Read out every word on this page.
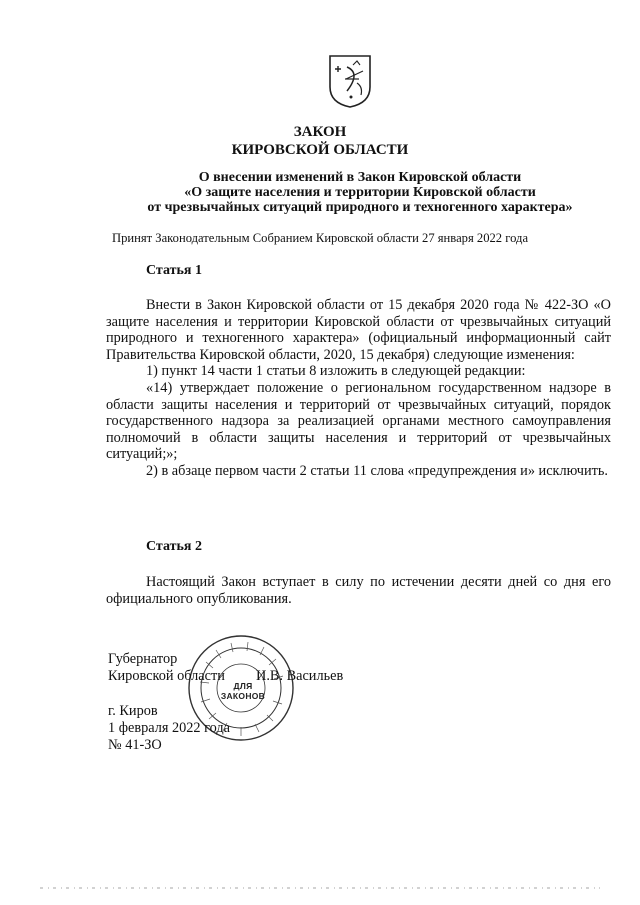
ЗАКОН
КИРОВСКОЙ ОБЛАСТИ
О внесении изменений в Закон Кировской области
«О защите населения и территории Кировской области
от чрезвычайных ситуаций природного и техногенного характера»
Принят Законодательным Собранием Кировской области 27 января 2022 года
Статья 1

Внести в Закон Кировской области от 15 декабря 2020 года № 422-ЗО «О защите населения и территории Кировской области от чрезвычайных ситуаций природного и техногенного характера» (официальный информационный сайт Правительства Кировской области, 2020, 15 декабря) следующие изменения:

1) пункт 14 части 1 статьи 8 изложить в следующей редакции:

«14) утверждает положение о региональном государственном надзоре в области защиты населения и территорий от чрезвычайных ситуаций, порядок государственного надзора за реализацией органами местного самоуправления полномочий в области защиты населения и территорий от чрезвычайных ситуаций;»;

2) в абзаце первом части 2 статьи 11 слова «предупреждения и» исключить.

Статья 2

Настоящий Закон вступает в силу по истечении десяти дней со дня его официального опубликования.

ДЛЯ ЗАКОНОВ
Губернатор
Кировской области И.В. Васильев
г. Киров
1 февраля 2022 года
№ 41-ЗО
